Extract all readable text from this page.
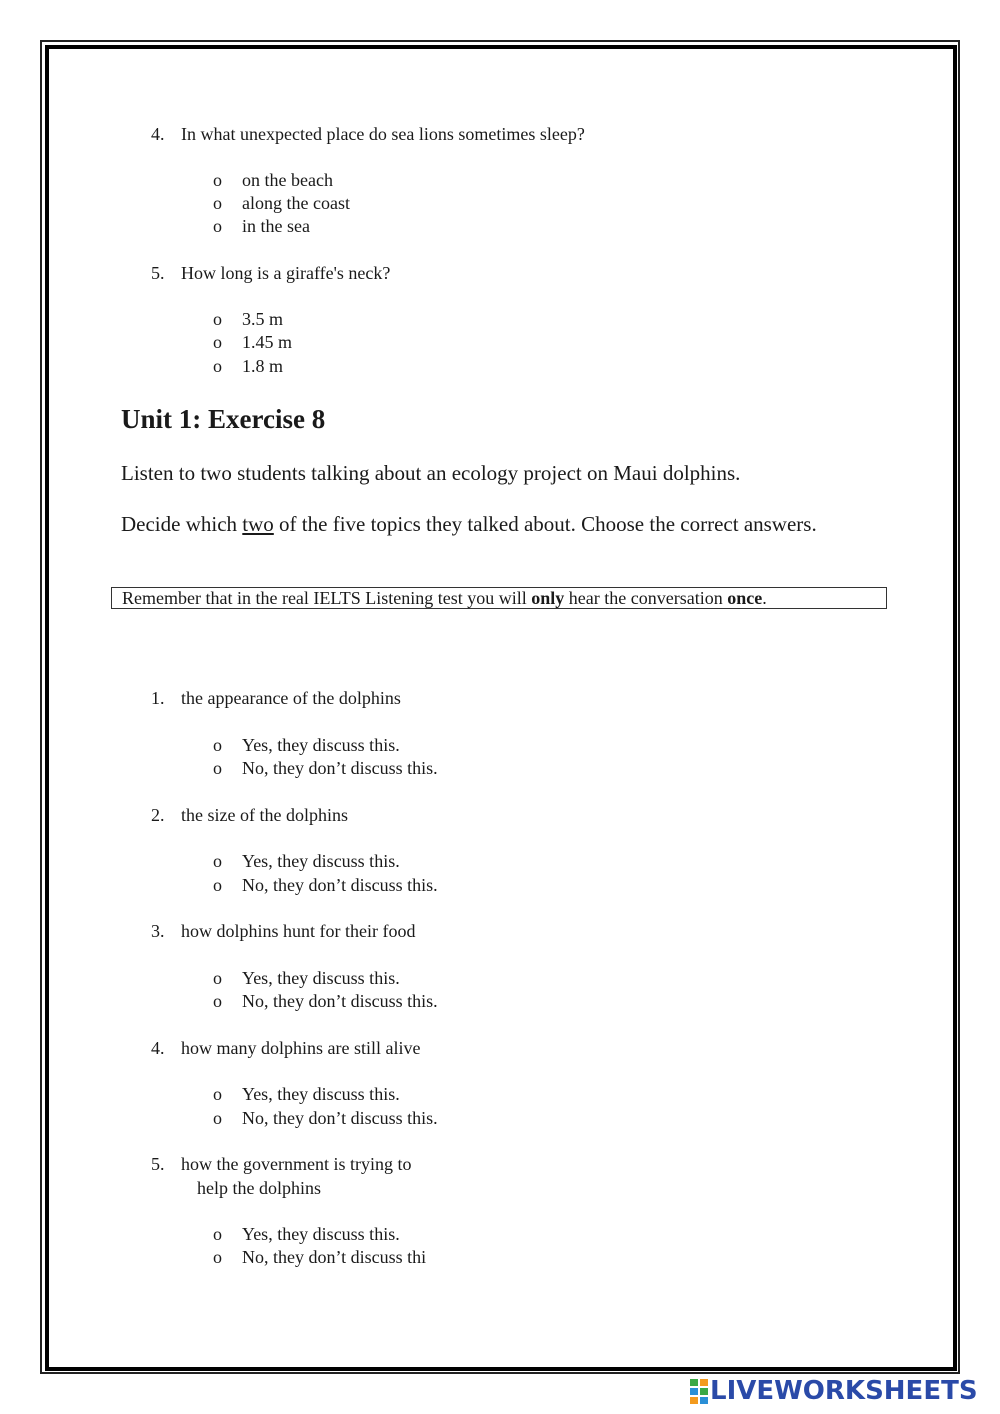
4. In what unexpected place do sea lions sometimes sleep?
o on the beach
o along the coast
o in the sea
5. How long is a giraffe's neck?
o 3.5 m
o 1.45 m
o 1.8 m
Unit 1: Exercise 8
Listen to two students talking about an ecology project on Maui dolphins.
Decide which two of the five topics they talked about. Choose the correct answers.
Remember that in the real IELTS Listening test you will only hear the conversation once.
1. the appearance of the dolphins
o Yes, they discuss this.
o No, they don’t discuss this.
2. the size of the dolphins
o Yes, they discuss this.
o No, they don’t discuss this.
3. how dolphins hunt for their food
o Yes, they discuss this.
o No, they don’t discuss this.
4. how many dolphins are still alive
o Yes, they discuss this.
o No, they don’t discuss this.
5. how the government is trying to
help the dolphins
o Yes, they discuss this.
o No, they don’t discuss thi
LIVEWORKSHEETS
